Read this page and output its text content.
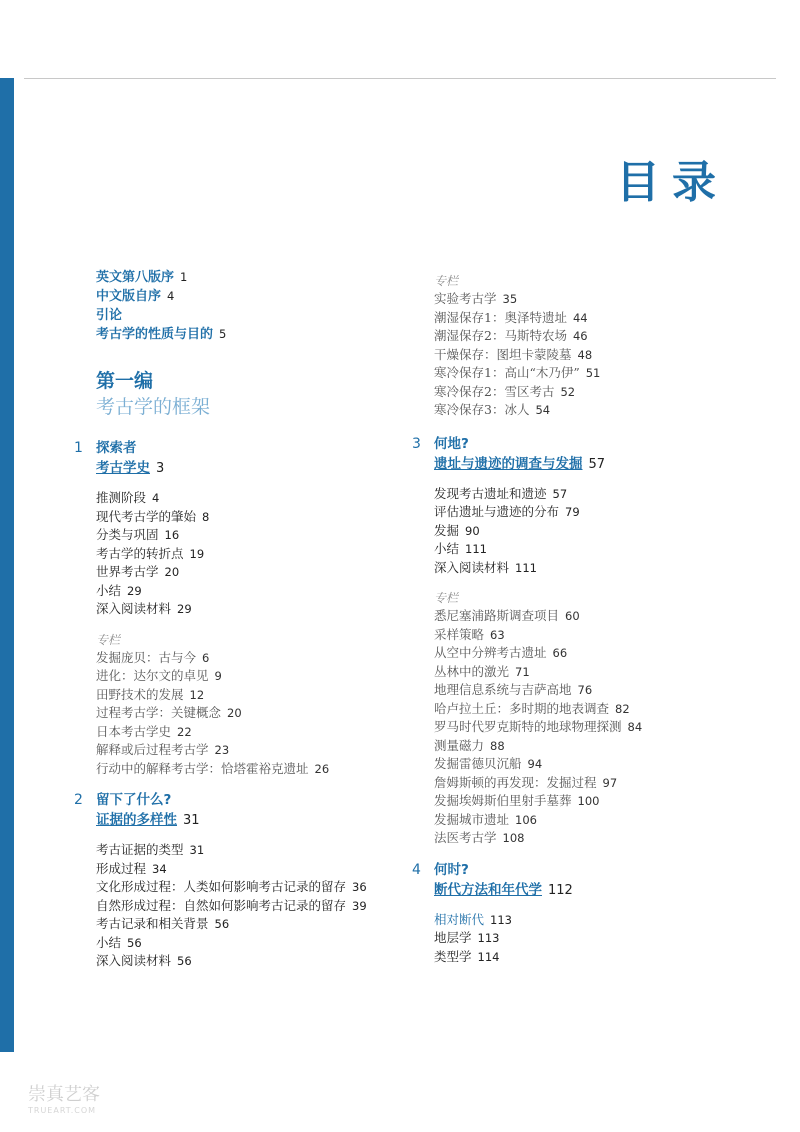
目录
英文第八版序 1
中文版自序 4
引论
考古学的性质与目的 5
第一编
考古学的框架
1 探索者
考古学史 3
推测阶段 4
现代考古学的肇始 8
分类与巩固 16
考古学的转折点 19
世界考古学 20
小结 29
深入阅读材料 29
专栏
发掘庞贝：古与今 6
进化：达尔文的卓见 9
田野技术的发展 12
过程考古学：关键概念 20
日本考古学史 22
解释或后过程考古学 23
行动中的解释考古学：恰塔霍裕克遗址 26
2 留下了什么?
证据的多样性 31
考古证据的类型 31
形成过程 34
文化形成过程：人类如何影响考古记录的留存 36
自然形成过程：自然如何影响考古记录的留存 39
考古记录和相关背景 56
小结 56
深入阅读材料 56
专栏
实验考古学 35
潮湿保存1：奥泽特遗址 44
潮湿保存2：马斯特农场 46
干燥保存：图坦卡蒙陵墓 48
寒冷保存1：高山“木乃伊” 51
寒冷保存2：雪区考古 52
寒冷保存3：冰人 54
3 何地?
遗址与遗迹的调查与发掘 57
发现考古遗址和遗迹 57
评估遗址与遗迹的分布 79
发掘 90
小结 111
深入阅读材料 111
专栏
悉尼塞浦路斯调查项目 60
采样策略 63
从空中分辨考古遗址 66
丛林中的激光 71
地理信息系统与吉萨高地 76
哈卢拉土丘：多时期的地表调查 82
罗马时代罗克斯特的地球物理探测 84
测量磁力 88
发掘雷德贝沉船 94
詹姆斯顿的再发现：发掘过程 97
发掘埃姆斯伯里射手墓葬 100
发掘城市遗址 106
法医考古学 108
4 何时?
断代方法和年代学 112
相对断代 113
地层学 113
类型学 114
崇真艺客
TRUEART.COM
